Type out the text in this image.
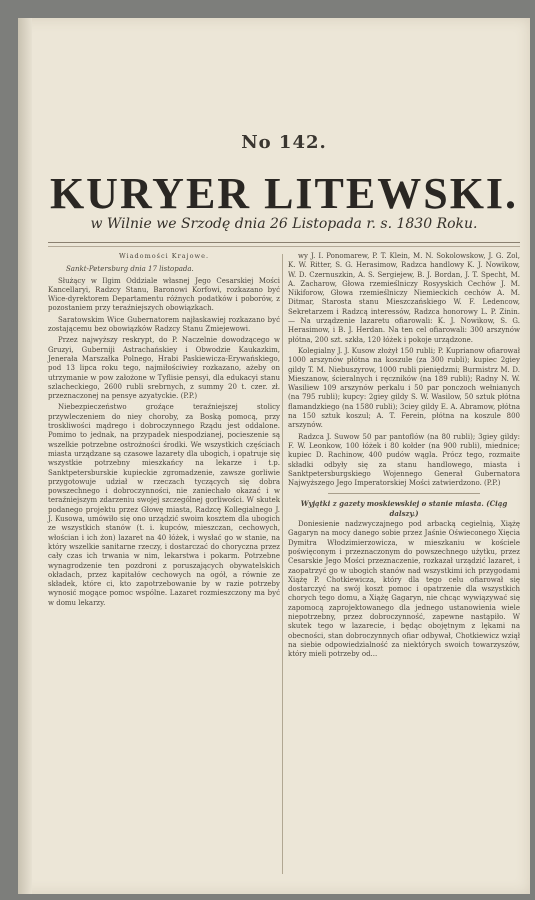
No 142.
KURYER LITEWSKI.
w Wilnie we Srzodę dnia 26 Listopada r. s. 1830 Roku.

Wiadomości Krajowe.

Sankt-Petersburg dnia 17 listopada.

Służący w Ilgim Oddziale własnej Jego Cesarskiej Mości Kancellaryi, Radzcy Stanu, Baronowi Korfowi, rozkazano być Wice-dyrektorem Departamentu różnych podatków i poborów, z pozostaniem przy teraźniejszych obowiązkach.

Saratowskim Wice Gubernatorem najłaskawiej rozkazano być zostającemu bez obowiązków Radzcy Stanu Zmiejewowi.

Przez najwyższy reskrypt, do P. Naczelnie dowodzącego w Gruzyi, Guberniji Astrachańskiey i Obwodzie Kaukazkim, Jenerała Marszałka Polnego, Hrabi Paskiewicza-Erywańskiego, pod 13 lipca roku tego, najmiłościwiey rozkazano, ażeby on utrzymanie w pow założone w Tyflisie pensyi, dla edukacyi stanu szlacheckiego, 2600 rubli srebrnych, z summy 20 t. czer. zł. przeznaczonej na pensye azyatyckie. (P.P.)

Niebezpieczeństwo groźące teraźniejszej stolicy przywleczeniem do niey choroby, za Boską pomocą, przy troskliwości mądrego i dobroczynnego Rządu jest oddalone. Pomimo to jednak, na przypadek niespodzianej, pocieszenie są wszelkie potrzebne ostrożności środki. We wszystkich częściach miasta urządzane są czasowe lazarety dla ubogich, i opatruje się wszystkie potrzebny mieszkańcy na lekarze i t.p. Sanktpetersburskie kupieckie zgromadzenie, zawsze gorliwie przygotowuje udział w rzeczach tyczących się dobra powszechnego i dobroczynności, nie zaniechało okazać i w teraźniejszym zdarzeniu swojej szczególnej gorliwości. W skutek podanego projektu przez Głowę miasta, Radzcę Kollegialnego J. J. Kusowa, umówiło się ono urządzić swoim kosztem dla ubogich ze wszystkich stanów (t. i. kupców, mieszczan, cechowych, włościan i ich żon) lazaret na 40 łóżek, i wysłać go w stanie, na który wszelkie sanitarne rzeczy, i dostarczać do choryczna przez cały czas ich trwania w nim, lekarstwa i pokarm. Potrzebne wynagrodzenie ten pozdroni z poruszających obywatelskich okładach, przez kapitałów cechowych na ogół, a równie ze składek, które ci, kto zapotrzebowanie by w razie potrzeby wynosić mogące pomoc wspólne. Lazaret rozmieszczony ma być w domu lekarzy.

wy J. I. Ponomarew, P. T. Klein, M. N. Sokolowskow, J. G. Zol, K. W. Ritter, S. G. Herasimow, Radzca handlowy K. J. Nowikow, W. D. Czernuszkin, A. S. Sergiejew, B. J. Bordan, J. T. Specht, M. A. Zacharow, Głowa rzemieślniczy Rosyyskich Cechów J. M. Nikiforow, Głowa rzemieślniczy Niemieckich cechów A. M. Ditmar, Starosta stanu Mieszczańskiego W. F. Ledencow, Sekretarzem i Radzcą interessów, Radzca honorowy L. P. Zinin. — Na urządzenie lazaretu ofiarowali: K. J. Nowikow, S. G. Herasimow, i B. J. Herdan. Na ten cel ofiarowali: 300 arszynów płótna, 200 szt. szkła, 120 łóżek i pokoje urządzone.

Kolegialny J. J. Kusow złożył 150 rubli; P. Kuprianow ofiarował 1000 arszynów płótna na koszule (za 300 rubli); kupiec 2giey gildy T. M. Niebuszyrow, 1000 rubli pieniędzmi; Burmistrz M. D. Mieszanow, ścieralnych i ręczników (na 189 rubli); Radny N. W. Wasiliew 109 arszynów perkalu i 50 par ponczoch wełnianych (na 795 rubli); kupcy: 2giey gildy S. W. Wasilow, 50 sztuk płótna flamandzkiego (na 1580 rubli); 3ciey gildy E. A. Abramow, płótna na 150 sztuk koszul; A. T. Ferein, płótna na koszule 800 arszynów.

Radzca J. Suwow 50 par pantoflów (na 80 rubli); 3giey gildy: F. W. Leonkow, 100 łóżek i 80 kołder (na 900 rubli), miednice; kupiec D. Rachinow, 400 pudów wągla. Prócz tego, rozmaite składki odbyły się za stanu handlowego, miasta i Sanktpetersburgskiego Wojennego Generał Gubernatora Najwyższego Jego Imperatorskiej Mości zatwierdzono. (P.P.)

Wyjątki z gazety moskiewskiej o stanie miasta. (Ciąg dalszy.)

Doniesienie nadzwyczajnego pod arbacką cegielnią, Xiążę Gagaryn na mocy danego sobie przez Jaśnie Oświeconego Xięcia Dymitra Włodzimierzowicza, w mieszkaniu w kościele poświęconym i przeznaczonym do powszechnego użytku, przez Cesarskie Jego Mości przeznaczenie, rozkazał urządzić lazaret, i zaopatrzyć go w ubogich stanów nad wszystkimi ich przygodami Xiążę P. Chotkiewicza, który dla tego celu ofiarował się dostarczyć na swój koszt pomoc i opatrzenie dla wszystkich chorych tego domu, a Xiążę Gagaryn, nie chcąc wywiązywać się zapomocą zaprojektowanego dla jednego ustanowienia wiele niepotrzebny, przez dobroczynność, zapewne nastąpiło. W skutek tego w lazarecie, i będąc obojętnym z lękami na obecności, stan dobroczynnych ofiar odbywał, Chotkiewicz wziął na siebie odpowiedzialność za niektórych swoich towarzyszów, który mieli potrzeby od...
